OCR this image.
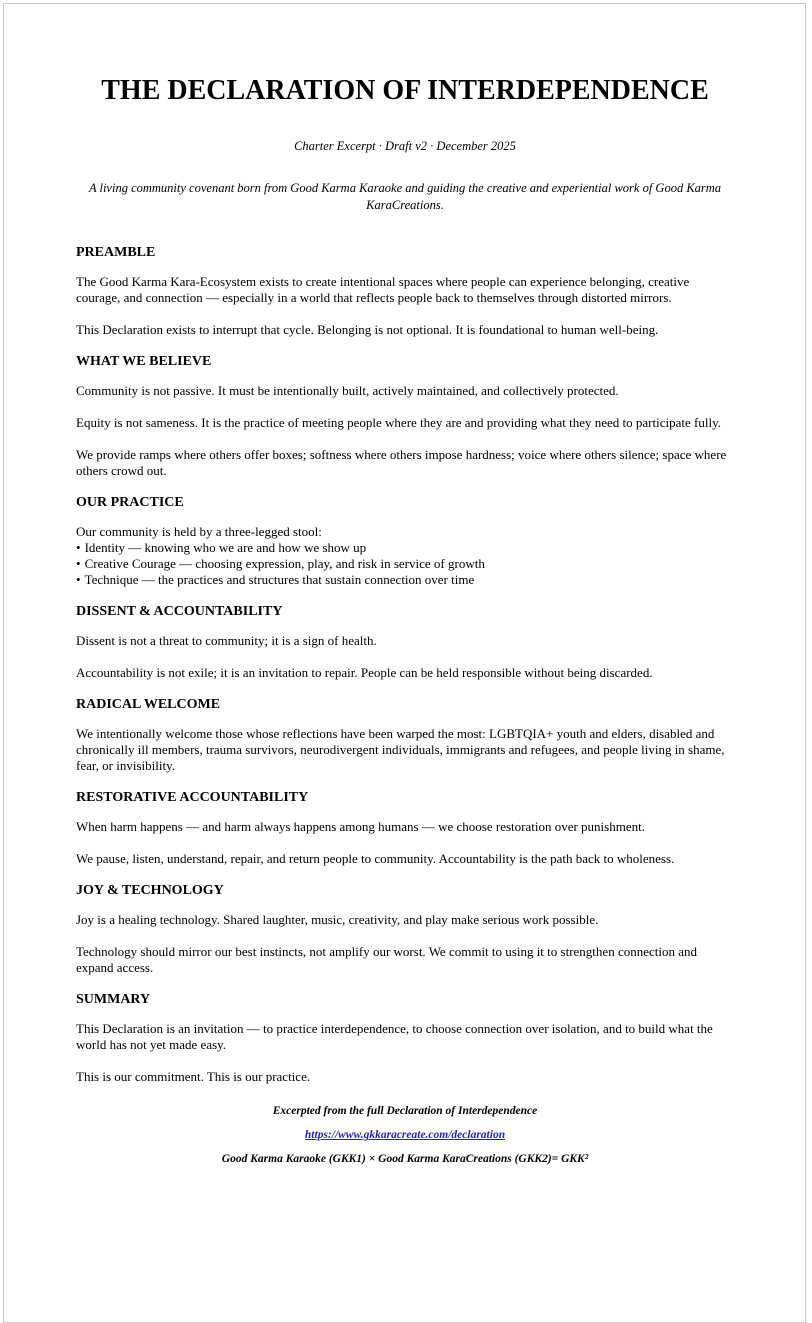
THE DECLARATION OF INTERDEPENDENCE
Charter Excerpt · Draft v2 · December 2025
A living community covenant born from Good Karma Karaoke and guiding the creative and experiential work of Good Karma KaraCreations.
PREAMBLE

The Good Karma Kara-Ecosystem exists to create intentional spaces where people can experience belonging, creative courage, and connection — especially in a world that reflects people back to themselves through distorted mirrors.

This Declaration exists to interrupt that cycle. Belonging is not optional. It is foundational to human well-being.

WHAT WE BELIEVE

Community is not passive. It must be intentionally built, actively maintained, and collectively protected.

Equity is not sameness. It is the practice of meeting people where they are and providing what they need to participate fully.

We provide ramps where others offer boxes; softness where others impose hardness; voice where others silence; space where others crowd out.

OUR PRACTICE

Our community is held by a three-legged stool:

• Identity — knowing who we are and how we show up
• Creative Courage — choosing expression, play, and risk in service of growth
• Technique — the practices and structures that sustain connection over time
DISSENT & ACCOUNTABILITY

Dissent is not a threat to community; it is a sign of health.

Accountability is not exile; it is an invitation to repair. People can be held responsible without being discarded.

RADICAL WELCOME

We intentionally welcome those whose reflections have been warped the most: LGBTQIA+ youth and elders, disabled and chronically ill members, trauma survivors, neurodivergent individuals, immigrants and refugees, and people living in shame, fear, or invisibility.

RESTORATIVE ACCOUNTABILITY

When harm happens — and harm always happens among humans — we choose restoration over punishment.

We pause, listen, understand, repair, and return people to community. Accountability is the path back to wholeness.

JOY & TECHNOLOGY

Joy is a healing technology. Shared laughter, music, creativity, and play make serious work possible.

Technology should mirror our best instincts, not amplify our worst. We commit to using it to strengthen connection and expand access.

SUMMARY

This Declaration is an invitation — to practice interdependence, to choose connection over isolation, and to build what the world has not yet made easy.

This is our commitment. This is our practice.

Excerpted from the full Declaration of Interdependence
https://www.gkkaracreate.com/declaration
Good Karma Karaoke (GKK1) × Good Karma KaraCreations (GKK2)= GKK²
